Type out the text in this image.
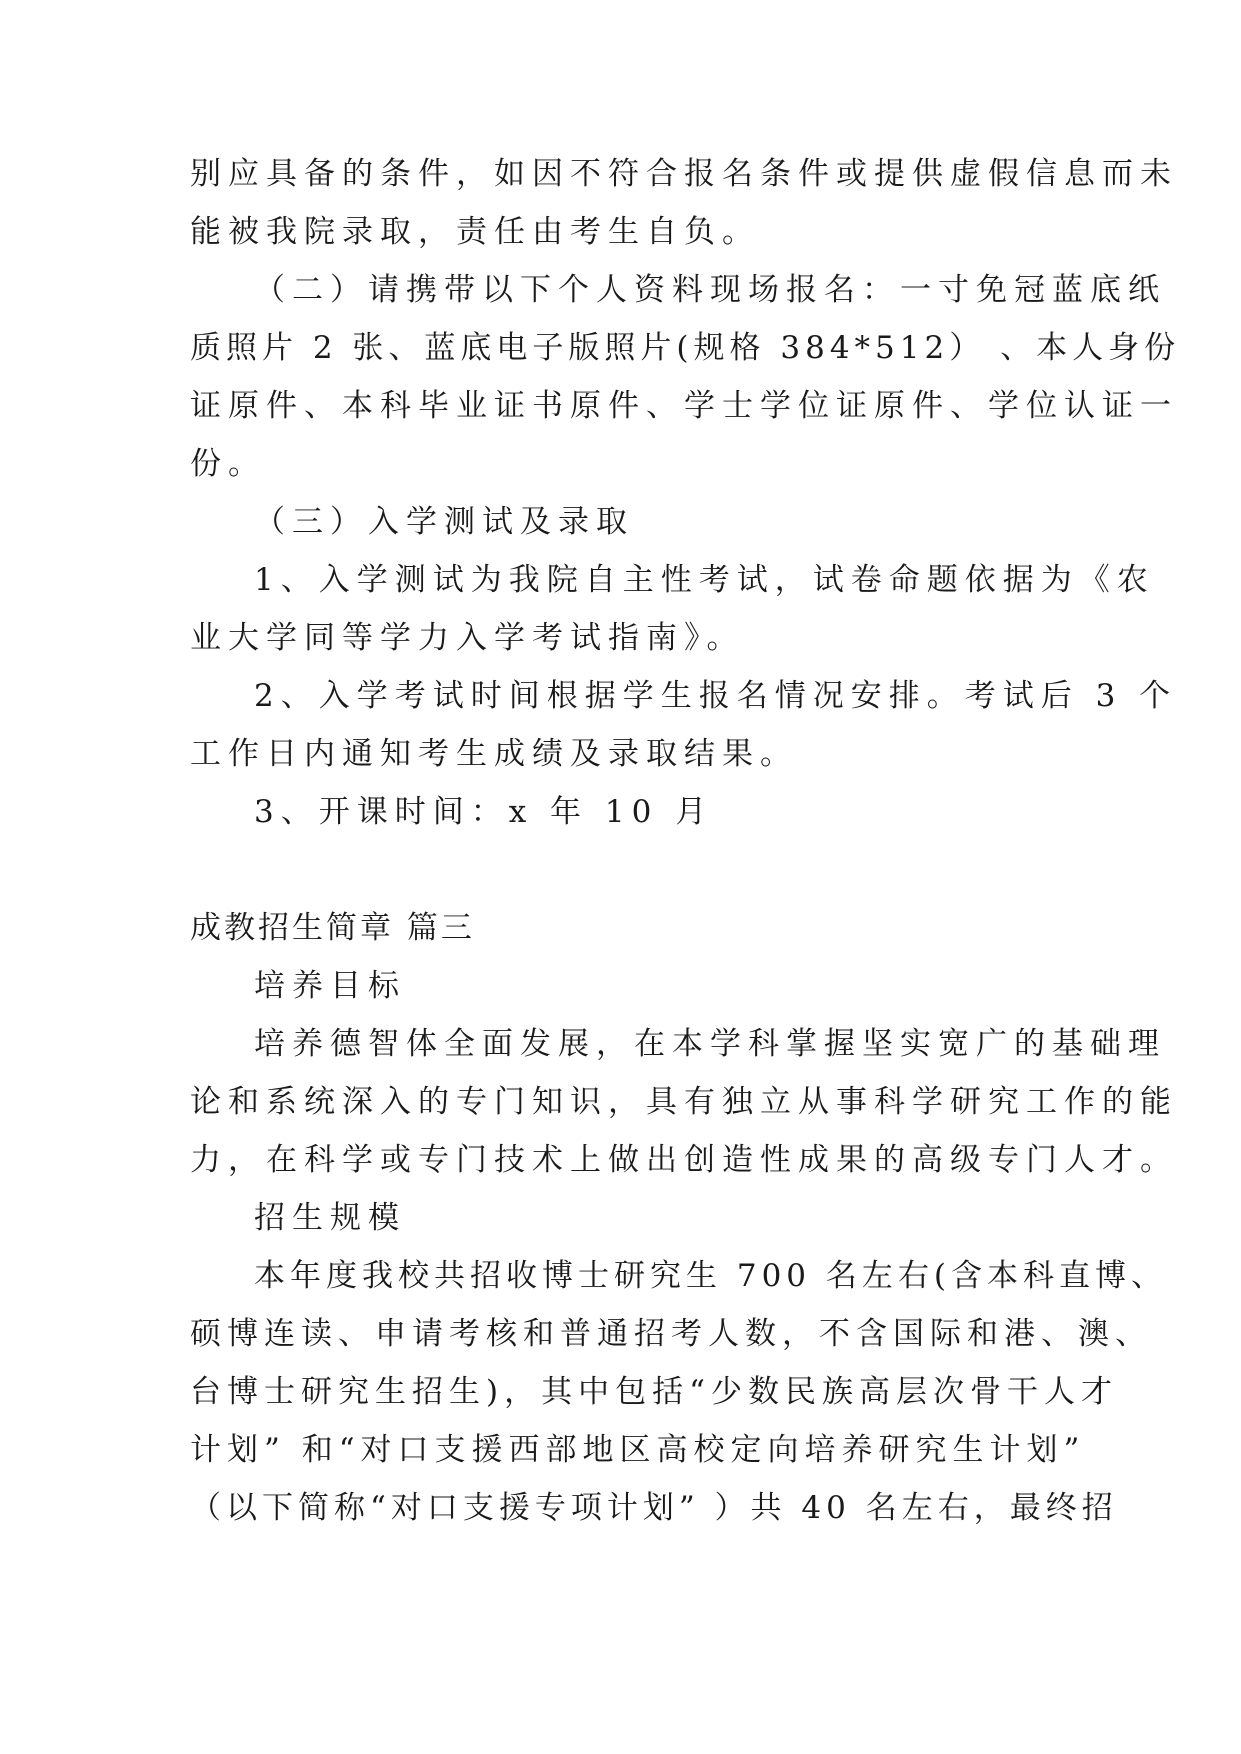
别应具备的条件，如因不符合报名条件或提供虚假信息而未
能被我院录取，责任由考生自负。
（二）请携带以下个人资料现场报名：一寸免冠蓝底纸
质照片 2 张、蓝底电子版照片(规格 384*512） 、本人身份
证原件、本科毕业证书原件、学士学位证原件、学位认证一
份。
（三）入学测试及录取
1、入学测试为我院自主性考试，试卷命题依据为《农
业大学同等学力入学考试指南》。
2、入学考试时间根据学生报名情况安排。考试后 3 个
工作日内通知考生成绩及录取结果。
3、开课时间：x 年 10 月
成教招生简章 篇三
培养目标
培养德智体全面发展，在本学科掌握坚实宽广的基础理
论和系统深入的专门知识，具有独立从事科学研究工作的能
力，在科学或专门技术上做出创造性成果的高级专门人才。
招生规模
本年度我校共招收博士研究生 700 名左右(含本科直博、
硕博连读、申请考核和普通招考人数，不含国际和港、澳、
台博士研究生招生)，其中包括“少数民族高层次骨干人才
计划” 和“对口支援西部地区高校定向培养研究生计划”
（以下简称“对口支援专项计划” ）共 40 名左右，最终招
